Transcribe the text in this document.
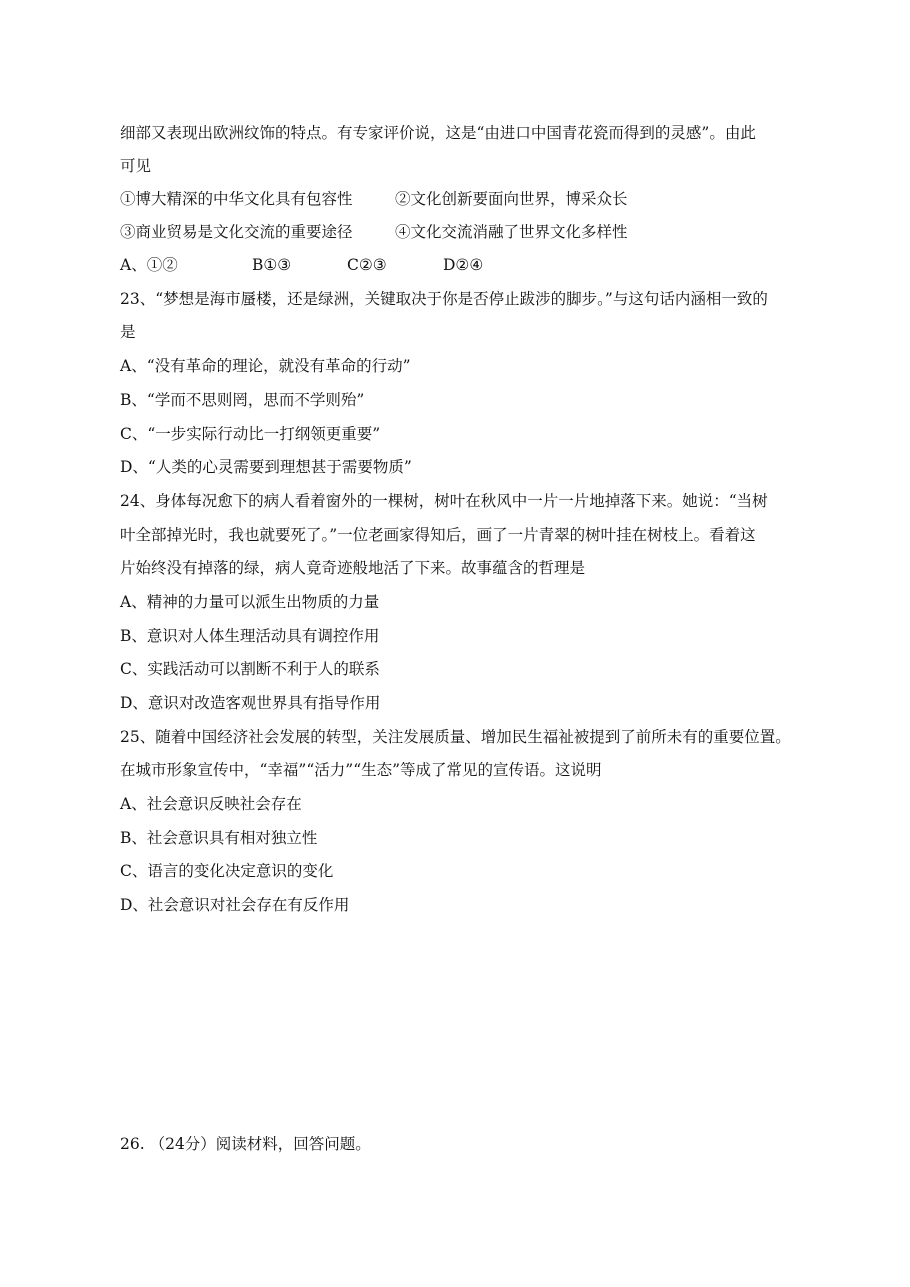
细部又表现出欧洲纹饰的特点。有专家评价说，这是“由进口中国青花瓷而得到的灵感”。由此
可见
①博大精深的中华文化具有包容性	②文化创新要面向世界，博采众长
③商业贸易是文化交流的重要途径	④文化交流消融了世界文化多样性
A、①②	B①③	C②③	D②④
23、“梦想是海市蜃楼，还是绿洲，关键取决于你是否停止跋涉的脚步。”与这句话内涵相一致的
是
A、“没有革命的理论，就没有革命的行动”
B、“学而不思则罔，思而不学则殆”
C、“一步实际行动比一打纲领更重要”
D、“人类的心灵需要到理想甚于需要物质”
24、身体每况愈下的病人看着窗外的一棵树，树叶在秋风中一片一片地掉落下来。她说：“当树
叶全部掉光时，我也就要死了。”一位老画家得知后，画了一片青翠的树叶挂在树枝上。看着这
片始终没有掉落的绿，病人竟奇迹般地活了下来。故事蕴含的哲理是
A、精神的力量可以派生出物质的力量
B、意识对人体生理活动具有调控作用
C、实践活动可以割断不利于人的联系
D、意识对改造客观世界具有指导作用
25、随着中国经济社会发展的转型，关注发展质量、增加民生福祉被提到了前所未有的重要位置。
在城市形象宣传中，“幸福”“活力”“生态”等成了常见的宣传语。这说明
A、社会意识反映社会存在
B、社会意识具有相对独立性
C、语言的变化决定意识的变化
D、社会意识对社会存在有反作用
26. （24分）阅读材料，回答问题。
